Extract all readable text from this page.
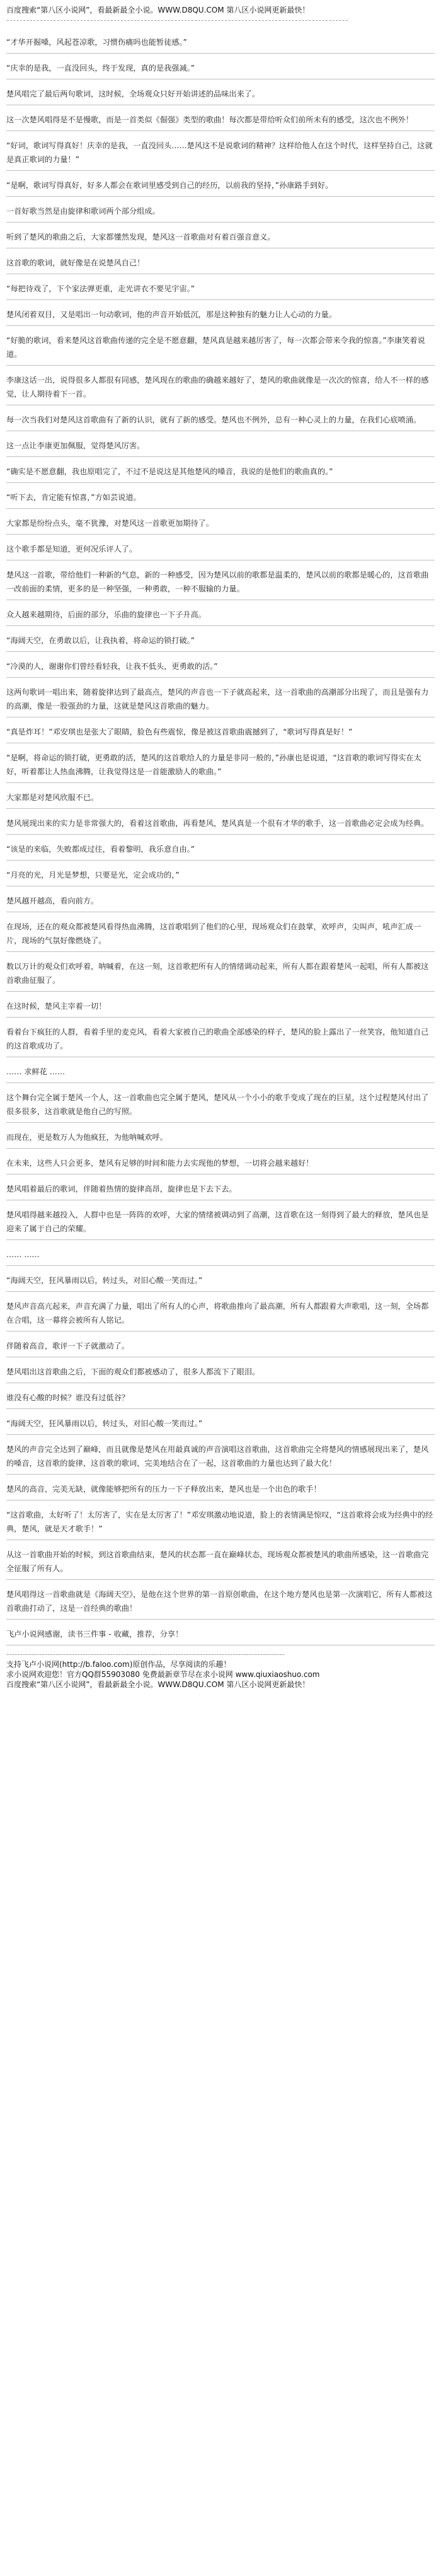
百度搜索“第八区小说网”，看最新最全小说。WWW.D8QU.COM 第八区小说网更新最快！
------------------------------------------------------------------------------------------------------

“才华开掘嗓，风起苍凉歌，习惯伤痛吗也能暂徒感。”

“庆幸的是我，一直没回头，终于发现，真的是我强减。”

楚风唱完了最后两句歌词，这时候，全场观众只好开始讲述的品味出来了。

这一次楚风唱得是不是慢歌，而是一首类似《倔强》类型的歌曲！每次都是带给听众们前所未有的感受，这次也不例外！

“好词，歌词写得真好！庆幸的是我，一直没回头……楚风这不是说歌词的精神？这样给他人在这个时代，这样坚持自己，这就是真正歌词的力量！”

“是啊，歌词写得真好，好多人都会在歌词里感受到自己的经历，以前我的坚持，”孙康路手到好。

一首好歌当然是由旋律和歌词两个部分组成。

听到了楚风的歌曲之后，大家都懂然发现，楚风这一首歌曲对有着百强音意义。

这首歌的歌词，就好像是在说楚风自己！

“每把待戏了，下个家法弹更重，走光讲衣不要见宇宙。”

楚风闭着双目，又是唱出一句动歌词，他的声音开始低沉，那是这种独有的魅力让人心动的力量。

“好脆的歌词，看来楚风这首歌曲传递的完全是不愿意翻，楚风真是越来越厉害了，每一次都会带来令我的惊喜。”李康笑着说道。

李康这话一出，说得很多人都很有同感，楚风现在的歌曲的确越来越好了，楚风的歌曲就像是一次次的惊喜，给人不一样的感觉，让人期待着下一首。

每一次当我们对楚风这首歌曲有了新的认识，就有了新的感受。楚风也不例外，总有一种心灵上的力量，在我们心底喷涌。

这一点让李康更加佩服，觉得楚风厉害。

“确实是不愿意翻，我也原唱完了，不过不是说这是其他楚风的嗓音，我说的是他们的歌曲真的。”

“听下去，肯定能有惊喜，”方如芸说道。

大家都是纷纷点头，毫不犹豫，对楚风这一首歌更加期待了。

这个歌手都是知道，更何况乐评人了。

楚风这一首歌，带给他们一种新的气息，新的一种感受，因为楚风以前的歌都是温柔的，楚风以前的歌都是暖心的，这首歌曲一改前面的柔情，更多的是一种坚强，一种勇敢，一种不服输的力量。

众人越来越期待，后面的部分，乐曲的旋律也一下子升高。

“海阔天空，在勇敢以后，让我执着，将命运的锁打破。”

“冷漠的人，谢谢你们曾经看轻我，让我不低头，更勇敢的活。”

这两句歌词一唱出来，随着旋律达到了最高点，楚风的声音也一下子就高起来，这一首歌曲的高潮部分出现了，而且是强有力的高潮，像是一股强劲的力量，这就是楚风这首歌曲的魅力。

“真是炸耳！”邓安琪也是张大了眼睛，脸色有些震惊，像是被这首歌曲震撼到了，“歌词写得真是好！”

“是啊，将命运的锁打破，更勇敢的活，楚风的这首歌给人的力量是非同一般的，”孙康也是说道，“这首歌的歌词写得实在太好，听着都让人热血沸腾，让我觉得这是一首能激励人的歌曲。”

大家都是对楚风欣服不已。

楚风展现出来的实力是非常强大的，看着这首歌曲，再看楚风，楚风真是一个很有才华的歌手，这一首歌曲必定会成为经典。

“该是的来临，失败都成过往，看着黎明，我乐意自由。”

“月亮的光，月光是梦想，只要是光，定会成功的，”

楚风越开越高，看向前方。

在现场，还在的观众都被楚风看得热血沸腾，这首歌唱到了他们的心里，现场观众们在鼓掌，欢呼声，尖叫声，吼声汇成一片，现场的气氛好像燃烧了。

数以万计的观众们欢呼着，呐喊着，在这一刻，这首歌把所有人的情绪调动起来，所有人都在跟着楚风一起唱，所有人都被这首歌曲征服了。

在这时候，楚风主宰着一切！

看着台下疯狂的人群，看着手里的麦克风，看着大家被自己的歌曲全部感染的样子，楚风的脸上露出了一丝笑容，他知道自己的这首歌成功了。

…… 求鲜花 ……

这个舞台完全属于楚风一个人，这一首歌曲也完全属于楚风，楚风从一个小小的歌手变成了现在的巨星，这个过程楚风付出了很多很多，这首歌就是他自己的写照。

而现在，更是数万人为他疯狂，为他呐喊欢呼。

在未来，这些人只会更多，楚风有足够的时间和能力去实现他的梦想，一切将会越来越好！

楚风唱着最后的歌词，伴随着热情的旋律高昂，旋律也是下去下去。

楚风唱得越来越投入，人群中也是一阵阵的欢呼，大家的情绪被调动到了高潮，这首歌在这一刻得到了最大的释放，楚风也是迎来了属于自己的荣耀。

…… ……

“海阔天空，狂风暴雨以后，转过头，对旧心酸一笑而过。”

楚风声音高亢起来，声音充满了力量，唱出了所有人的心声，将歌曲推向了最高潮，所有人都跟着大声歌唱，这一刻，全场都在合唱，这一幕将会被所有人铭记。

伴随着高音，歌评一下子就激动了。

楚风唱出这首歌曲之后，下面的观众们都被感动了，很多人都流下了眼泪。

谁没有心酸的时候？谁没有过低谷？

“海阔天空，狂风暴雨以后，转过头，对旧心酸一笑而过。”

楚风的声音完全达到了巅峰，而且就像是楚风在用最真诚的声音演唱这首歌曲，这首歌曲完全将楚风的情感展现出来了，楚风的嗓音，这首歌的旋律，这首歌的歌词，完美地结合在了一起，这首歌曲的力量也达到了最大化！

楚风的高音，完美无缺，就像能够把所有的压力一下子释放出来，楚风也是一个出色的歌手！

“这首歌曲，太好听了！太厉害了，实在是太厉害了！”邓安琪激动地说道，脸上的表情满是惊叹，“这首歌将会成为经典中的经典，楚风，就是天才歌手！”

从这一首歌曲开始的时候，到这首歌曲结束，楚风的状态都一直在巅峰状态，现场观众都被楚风的歌曲所感染，这一首歌曲完全征服了所有人。

楚风唱得这一首歌曲就是《海阔天空》，是他在这个世界的第一首原创歌曲，在这个地方楚风也是第一次演唱它，所有人都被这首歌曲打动了，这是一首经典的歌曲！

飞卢小说网感谢，读书三件事 - 收藏，推荐，分享！

------------------------------------------------------------------------------------------------------
支持飞卢小说网(http://b.faloo.com)原创作品，尽享阅读的乐趣！
求小说网欢迎您！官方QQ群55903080 免费最新章节尽在求小说网 www.qiuxiaoshuo.com
百度搜索“第八区小说网”，看最新最全小说。WWW.D8QU.COM 第八区小说网更新最快！
